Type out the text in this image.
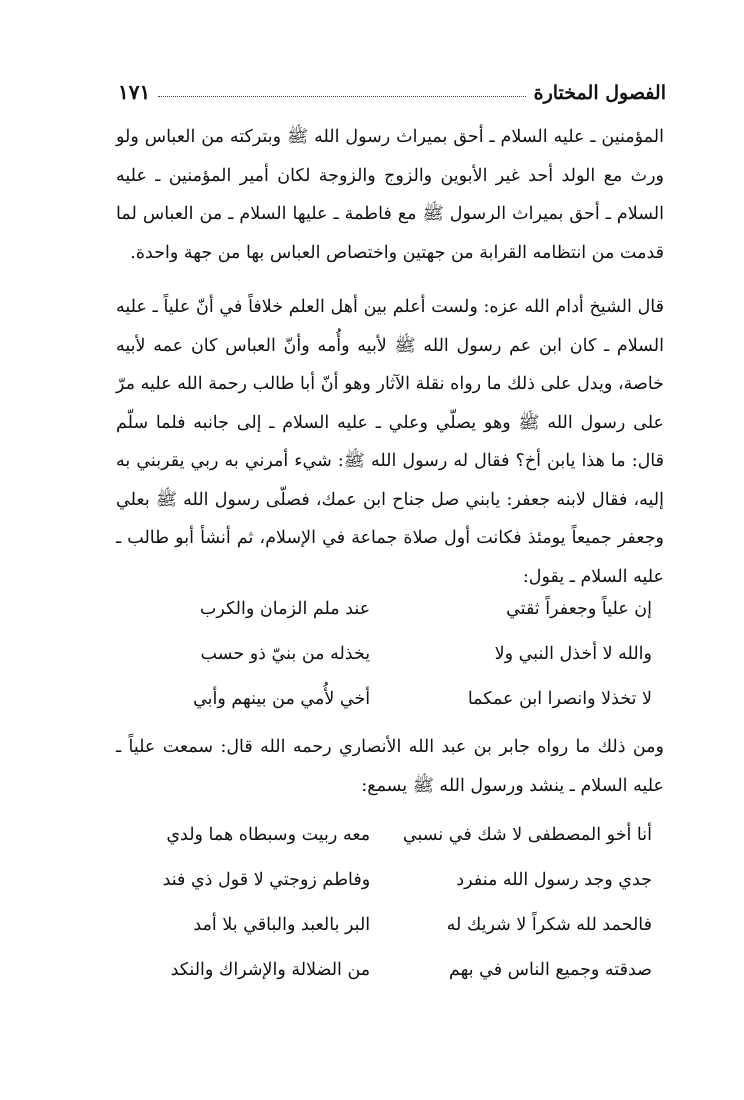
الفصول المختارة
١٧١
المؤمنين ـ عليه السلام ـ أحق بميراث رسول الله ﷺ وبتركته من العباس ولو ورث مع الولد أحد غير الأبوين والزوج والزوجة لكان أمير المؤمنين ـ عليه السلام ـ أحق بميراث الرسول ﷺ مع فاطمة ـ عليها السلام ـ من العباس لما قدمت من انتظامه القرابة من جهتين واختصاص العباس بها من جهة واحدة.
قال الشيخ أدام الله عزه: ولست أعلم بين أهل العلم خلافاً في أنّ علياً ـ عليه السلام ـ كان ابن عم رسول الله ﷺ لأبيه وأُمه وأنّ العباس كان عمه لأبيه خاصة، ويدل على ذلك ما رواه نقلة الآثار وهو أنّ أبا طالب رحمة الله عليه مرّ على رسول الله ﷺ وهو يصلّي وعلي ـ عليه السلام ـ إلى جانبه فلما سلّم قال: ما هذا يابن أخ؟ فقال له رسول الله ﷺ: شيء أمرني به ربي يقربني به إليه، فقال لابنه جعفر: يابني صل جناح ابن عمك، فصلّى رسول الله ﷺ بعلي وجعفر جميعاً يومئذ فكانت أول صلاة جماعة في الإسلام، ثم أنشأ أبو طالب ـ عليه السلام ـ يقول:
إن علياً وجعفراً ثقتي
عند ملم الزمان والكرب
والله لا أخذل النبي ولا
يخذله من بنيّ ذو حسب
لا تخذلا وانصرا ابن عمكما
أخي لأُمي من بينهم وأبي
ومن ذلك ما رواه جابر بن عبد الله الأنصاري رحمه الله قال: سمعت علياً ـ عليه السلام ـ ينشد ورسول الله ﷺ يسمع:
أنا أخو المصطفى لا شك في نسبي
معه ربيت وسبطاه هما ولدي
جدي وجد رسول الله منفرد
وفاطم زوجتي لا قول ذي فند
فالحمد لله شكراً لا شريك له
البر بالعبد والباقي بلا أمد
صدقته وجميع الناس في بهم
من الضلالة والإشراك والنكد
